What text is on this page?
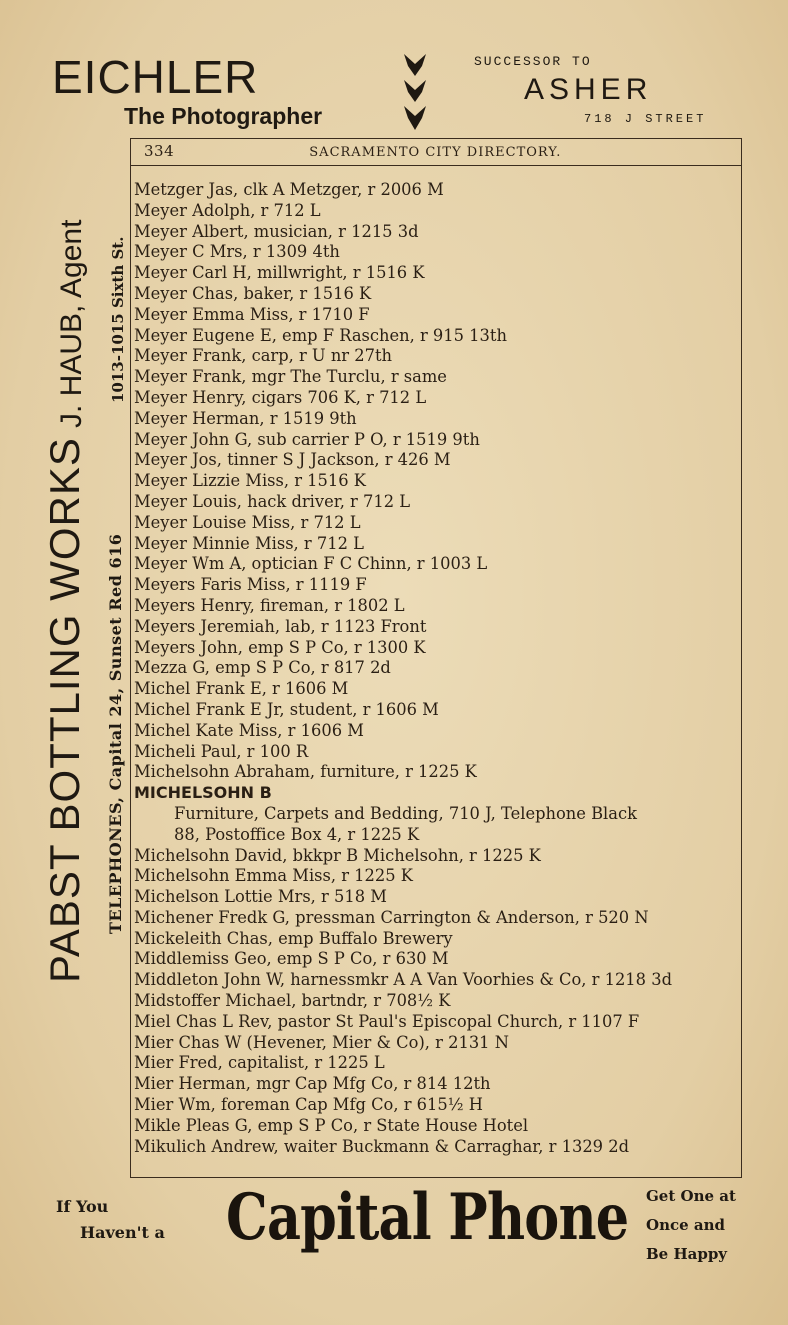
EICHLER
The Photographer
SUCCESSOR TO
ASHER
718 J STREET
PABST BOTTLING WORKS
J. HAUB, Agent 1013-1015 Sixth St.
TELEPHONES, Capital 24, Sunset Red 616
334	SACRAMENTO CITY DIRECTORY.
Metzger Jas, clk A Metzger, r 2006 M
Meyer Adolph, r 712 L
Meyer Albert, musician, r 1215 3d
Meyer C Mrs, r 1309 4th
Meyer Carl H, millwright, r 1516 K
Meyer Chas, baker, r 1516 K
Meyer Emma Miss, r 1710 F
Meyer Eugene E, emp F Raschen, r 915 13th
Meyer Frank, carp, r U nr 27th
Meyer Frank, mgr The Turclu, r same
Meyer Henry, cigars 706 K, r 712 L
Meyer Herman, r 1519 9th
Meyer John G, sub carrier P O, r 1519 9th
Meyer Jos, tinner S J Jackson, r 426 M
Meyer Lizzie Miss, r 1516 K
Meyer Louis, hack driver, r 712 L
Meyer Louise Miss, r 712 L
Meyer Minnie Miss, r 712 L
Meyer Wm A, optician F C Chinn, r 1003 L
Meyers Faris Miss, r 1119 F
Meyers Henry, fireman, r 1802 L
Meyers Jeremiah, lab, r 1123 Front
Meyers John, emp S P Co, r 1300 K
Mezza G, emp S P Co, r 817 2d
Michel Frank E, r 1606 M
Michel Frank E Jr, student, r 1606 M
Michel Kate Miss, r 1606 M
Micheli Paul, r 100 R
Michelsohn Abraham, furniture, r 1225 K
MICHELSOHN B
Furniture, Carpets and Bedding, 710 J, Telephone Black
88, Postoffice Box 4, r 1225 K
Michelsohn David, bkkpr B Michelsohn, r 1225 K
Michelsohn Emma Miss, r 1225 K
Michelson Lottie Mrs, r 518 M
Michener Fredk G, pressman Carrington & Anderson, r 520 N
Mickeleith Chas, emp Buffalo Brewery
Middlemiss Geo, emp S P Co, r 630 M
Middleton John W, harnessmkr A A Van Voorhies & Co, r 1218 3d
Midstoffer Michael, bartndr, r 708½ K
Miel Chas L Rev, pastor St Paul's Episcopal Church, r 1107 F
Mier Chas W (Hevener, Mier & Co), r 2131 N
Mier Fred, capitalist, r 1225 L
Mier Herman, mgr Cap Mfg Co, r 814 12th
Mier Wm, foreman Cap Mfg Co, r 615½ H
Mikle Pleas G, emp S P Co, r State House Hotel
Mikulich Andrew, waiter Buckmann & Carraghar, r 1329 2d
If You
Haven't a Capital Phone Get One at
Once and
Be Happy
